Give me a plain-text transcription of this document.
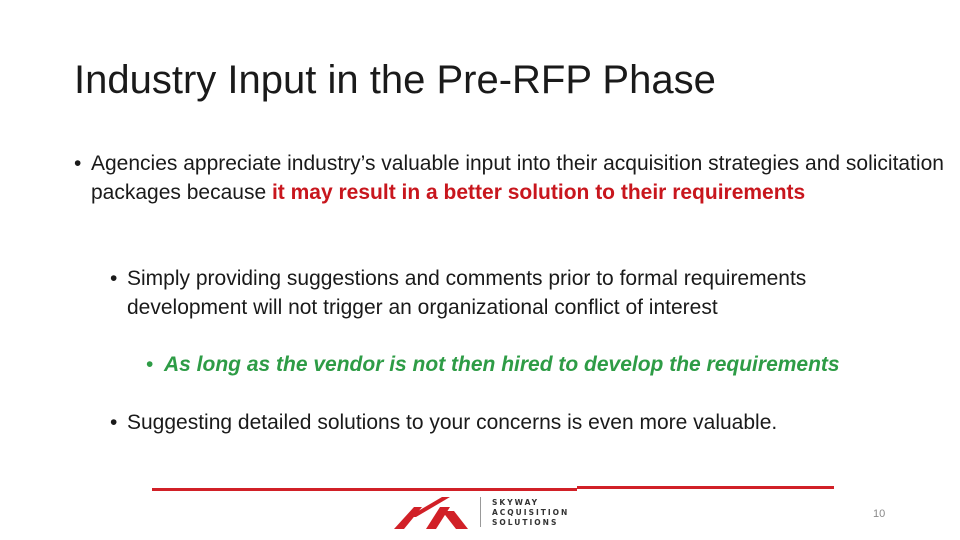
Industry Input in the Pre-RFP Phase
• Agencies appreciate industry’s valuable input into their acquisition strategies and solicitation packages because it may result in a better solution to their requirements
• Simply providing suggestions and comments prior to formal requirements development will not trigger an organizational conflict of interest
• As long as the vendor is not then hired to develop the requirements
• Suggesting detailed solutions to your concerns is even more valuable.
SKYWAY
ACQUISITION
SOLUTIONS
10
